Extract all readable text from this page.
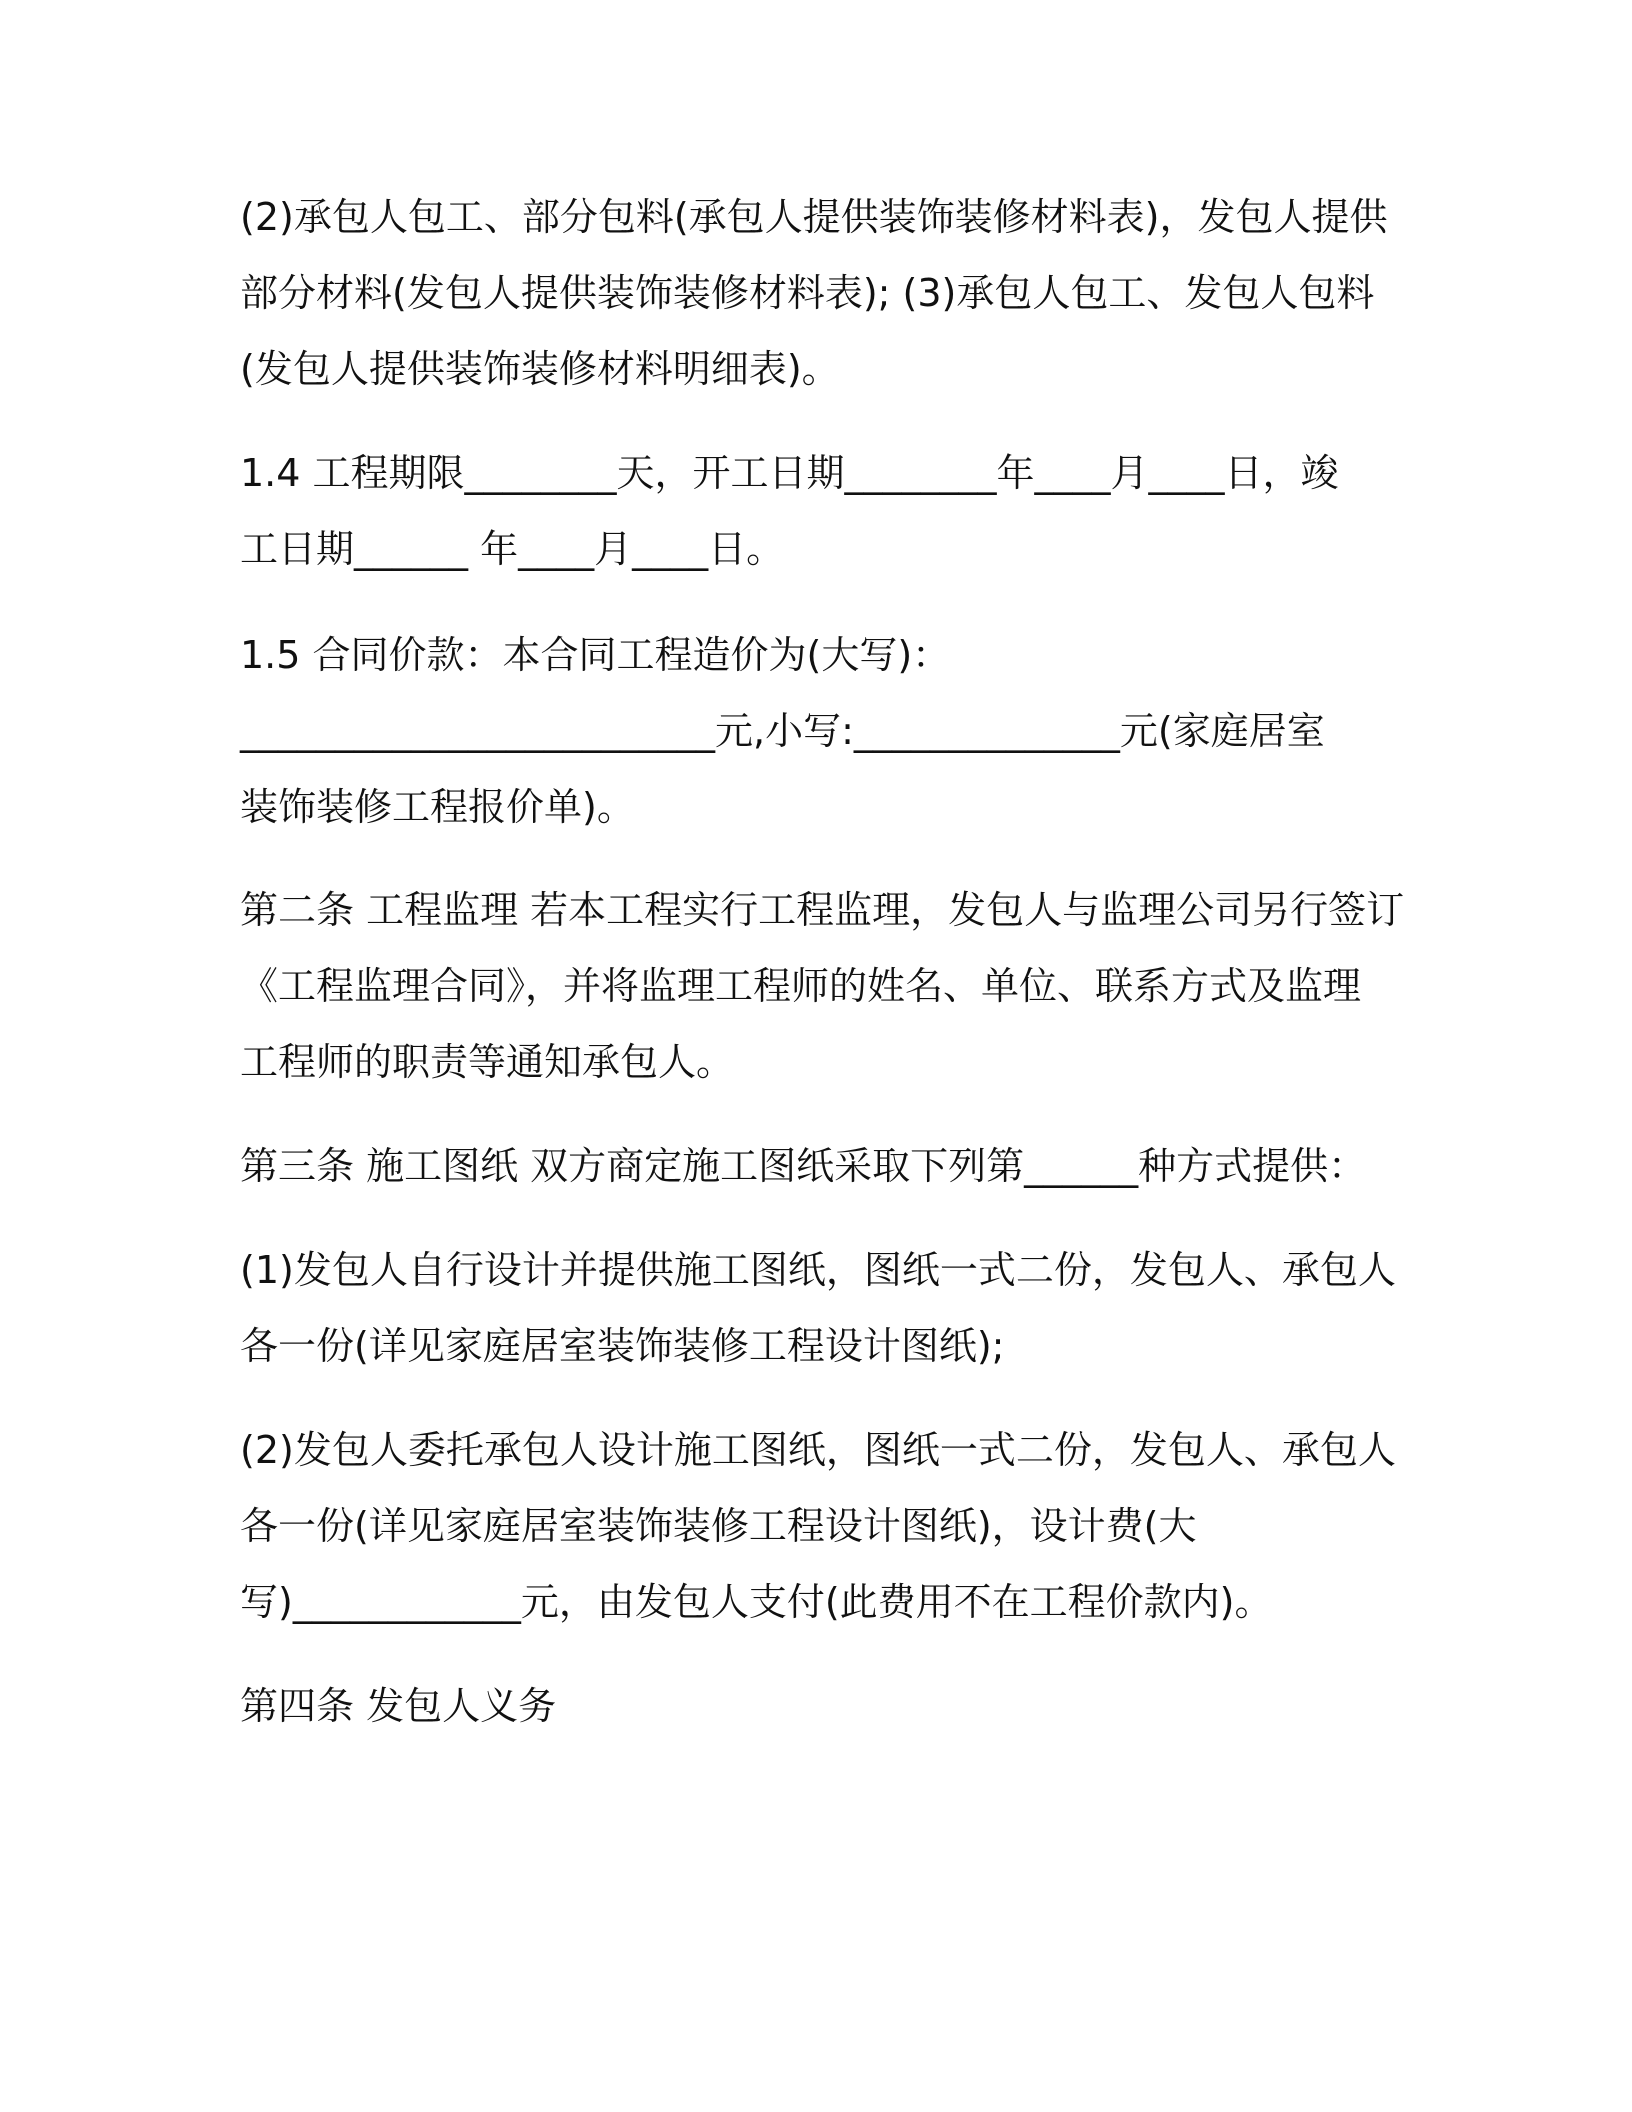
(2)承包人包工、部分包料(承包人提供装饰装修材料表)，发包人提供
部分材料(发包人提供装饰装修材料表); (3)承包人包工、发包人包料
(发包人提供装饰装修材料明细表)。

1.4 工程期限________天，开工日期________年____月____日，竣
工日期______ 年____月____日。

1.5 合同价款：本合同工程造价为(大写)：
_________________________元,小写:______________元(家庭居室
装饰装修工程报价单)。

第二条 工程监理 若本工程实行工程监理，发包人与监理公司另行签订
《工程监理合同》，并将监理工程师的姓名、单位、联系方式及监理
工程师的职责等通知承包人。

第三条 施工图纸 双方商定施工图纸采取下列第______种方式提供：

(1)发包人自行设计并提供施工图纸，图纸一式二份，发包人、承包人
各一份(详见家庭居室装饰装修工程设计图纸);

(2)发包人委托承包人设计施工图纸，图纸一式二份，发包人、承包人
各一份(详见家庭居室装饰装修工程设计图纸)，设计费(大
写)____________元，由发包人支付(此费用不在工程价款内)。

第四条 发包人义务
